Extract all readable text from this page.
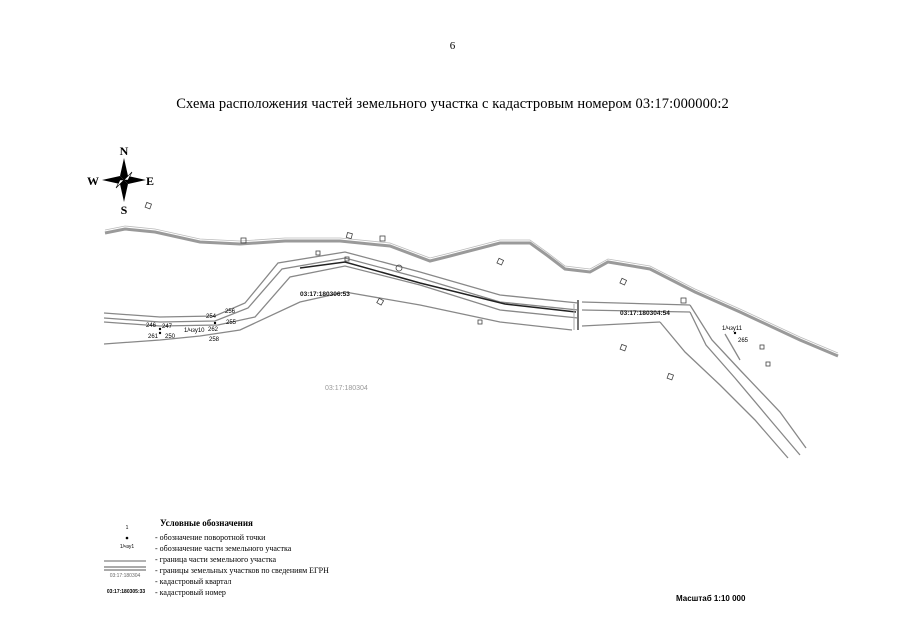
6
Схема расположения частей земельного участка с кадастровым номером 03:17:000000:2
N
S
W	E
03:17:180306:53
03:17:180304:54
03:17:180304
1/чзу10	1/чзу11
246 247
261 250
254
256
255
262
258	265
Условные обозначения
1
1/чзу1
03:17:180304
03:17:180305:33
- обозначение поворотной точки
- обозначение части земельного участка
- граница части земельного участка
- границы земельных участков по сведениям ЕГРН
- кадастровый квартал
- кадастровый номер
Масштаб 1:10 000
